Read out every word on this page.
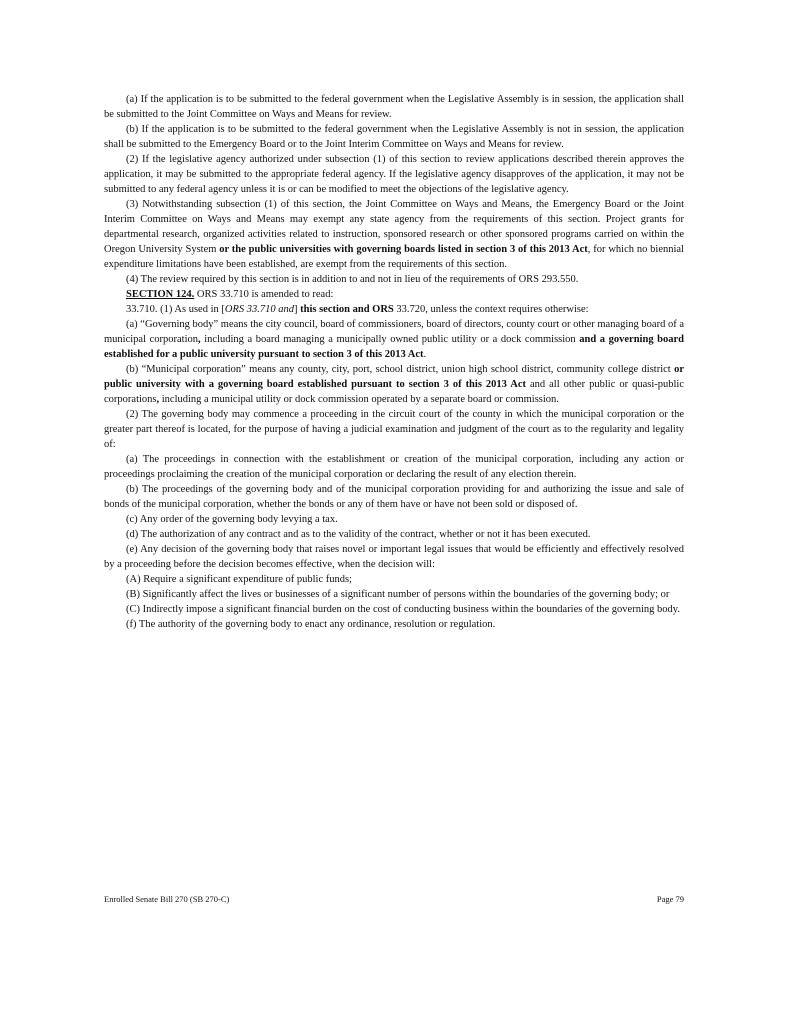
(a) If the application is to be submitted to the federal government when the Legislative Assembly is in session, the application shall be submitted to the Joint Committee on Ways and Means for review.

(b) If the application is to be submitted to the federal government when the Legislative Assembly is not in session, the application shall be submitted to the Emergency Board or to the Joint Interim Committee on Ways and Means for review.

(2) If the legislative agency authorized under subsection (1) of this section to review applications described therein approves the application, it may be submitted to the appropriate federal agency. If the legislative agency disapproves of the application, it may not be submitted to any federal agency unless it is or can be modified to meet the objections of the legislative agency.

(3) Notwithstanding subsection (1) of this section, the Joint Committee on Ways and Means, the Emergency Board or the Joint Interim Committee on Ways and Means may exempt any state agency from the requirements of this section. Project grants for departmental research, organized activities related to instruction, sponsored research or other sponsored programs carried on within the Oregon University System or the public universities with governing boards listed in section 3 of this 2013 Act, for which no biennial expenditure limitations have been established, are exempt from the requirements of this section.

(4) The review required by this section is in addition to and not in lieu of the requirements of ORS 293.550.

SECTION 124. ORS 33.710 is amended to read:

33.710. (1) As used in [ORS 33.710 and] this section and ORS 33.720, unless the context requires otherwise:

(a) “Governing body” means the city council, board of commissioners, board of directors, county court or other managing board of a municipal corporation, including a board managing a municipally owned public utility or a dock commission and a governing board established for a public university pursuant to section 3 of this 2013 Act.

(b) “Municipal corporation” means any county, city, port, school district, union high school district, community college district or public university with a governing board established pursuant to section 3 of this 2013 Act and all other public or quasi-public corporations, including a municipal utility or dock commission operated by a separate board or commission.

(2) The governing body may commence a proceeding in the circuit court of the county in which the municipal corporation or the greater part thereof is located, for the purpose of having a judicial examination and judgment of the court as to the regularity and legality of:

(a) The proceedings in connection with the establishment or creation of the municipal corporation, including any action or proceedings proclaiming the creation of the municipal corporation or declaring the result of any election therein.

(b) The proceedings of the governing body and of the municipal corporation providing for and authorizing the issue and sale of bonds of the municipal corporation, whether the bonds or any of them have or have not been sold or disposed of.

(c) Any order of the governing body levying a tax.

(d) The authorization of any contract and as to the validity of the contract, whether or not it has been executed.

(e) Any decision of the governing body that raises novel or important legal issues that would be efficiently and effectively resolved by a proceeding before the decision becomes effective, when the decision will:

(A) Require a significant expenditure of public funds;

(B) Significantly affect the lives or businesses of a significant number of persons within the boundaries of the governing body; or

(C) Indirectly impose a significant financial burden on the cost of conducting business within the boundaries of the governing body.

(f) The authority of the governing body to enact any ordinance, resolution or regulation.

Enrolled Senate Bill 270 (SB 270-C)	Page 79
